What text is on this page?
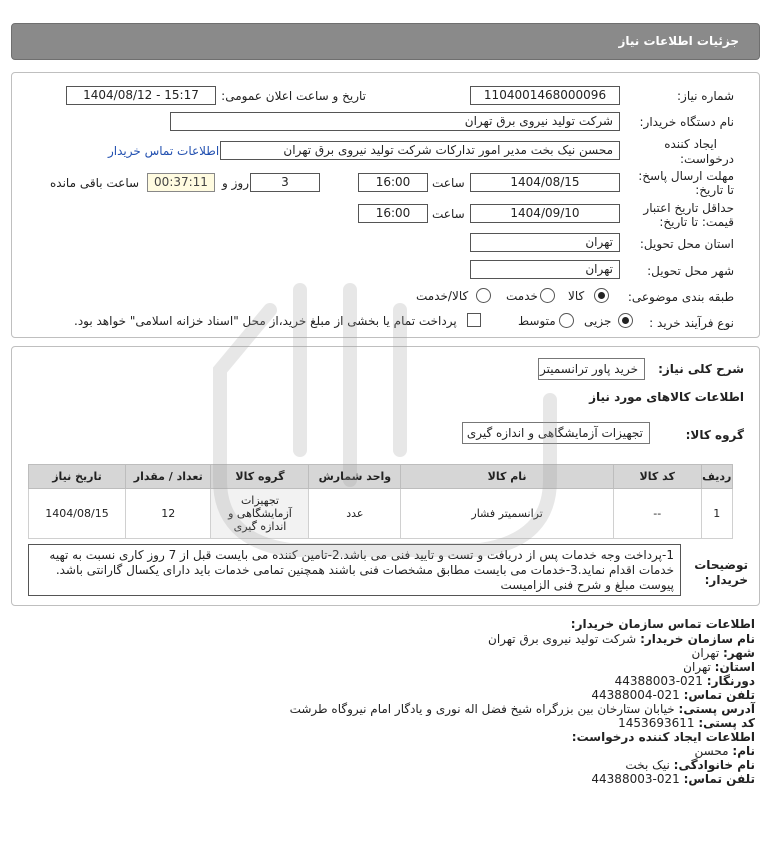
جزئیات اطلاعات نیاز
شماره نیاز:
1104001468000096
تاریخ و ساعت اعلان عمومی:
1404/08/12 - 15:17
نام دستگاه خریدار:
شرکت تولید نیروی برق تهران
ایجاد کننده
درخواست:
محسن نیک بخت مدیر امور تدارکات شرکت تولید نیروی برق تهران
اطلاعات تماس خریدار
مهلت ارسال پاسخ:
تا تاریخ:
1404/08/15
ساعت
16:00
3
روز و
00:37:11
ساعت باقی مانده
حداقل تاریخ اعتبار
قیمت: تا تاریخ:
1404/09/10
ساعت
16:00
استان محل تحویل:
تهران
شهر محل تحویل:
تهران
طبقه بندی موضوعی:
کالا
خدمت
کالا/خدمت
نوع فرآیند خرید :
جزیی
متوسط
پرداخت تمام یا بخشی از مبلغ خرید،از محل "اسناد خزانه اسلامی" خواهد بود.
شرح کلی نیاز:
خرید پاور ترانسمیتر
اطلاعات کالاهای مورد نیاز
گروه کالا:
تجهیزات آزمایشگاهی و اندازه گیری
ردیف	کد کالا	نام کالا	واحد شمارش	گروه کالا	تعداد / مقدار	تاریخ نیاز
1	--	ترانسمیتر فشار	عدد	تجهیزات آزمایشگاهی و اندازه گیری	12	1404/08/15
توضیحات
خریدار:
1-پرداخت وجه خدمات پس از دریافت و تست و تایید فنی می باشد.2-تامین کننده می بایست قبل از 7 روز کاری نسبت به تهیه خدمات اقدام نماید.3-خدمات می بایست مطابق مشخصات فنی باشند همچنین تمامی خدمات باید دارای یکسال گارانتی باشد. پیوست مبلغ و شرح فنی الزامیست
اطلاعات تماس سازمان خریدار:
نام سازمان خریدار: شرکت تولید نیروی برق تهران
شهر: تهران
استان: تهران
دورنگار: 021-44388003
تلفن تماس: 021-44388004
آدرس پستی: خیابان ستارخان بین بزرگراه شیخ فضل اله نوری و یادگار امام نیروگاه طرشت
کد پستی: 1453693611
اطلاعات ایجاد کننده درخواست:
نام: محسن
نام خانوادگی: نیک بخت
تلفن تماس: 021-44388003
